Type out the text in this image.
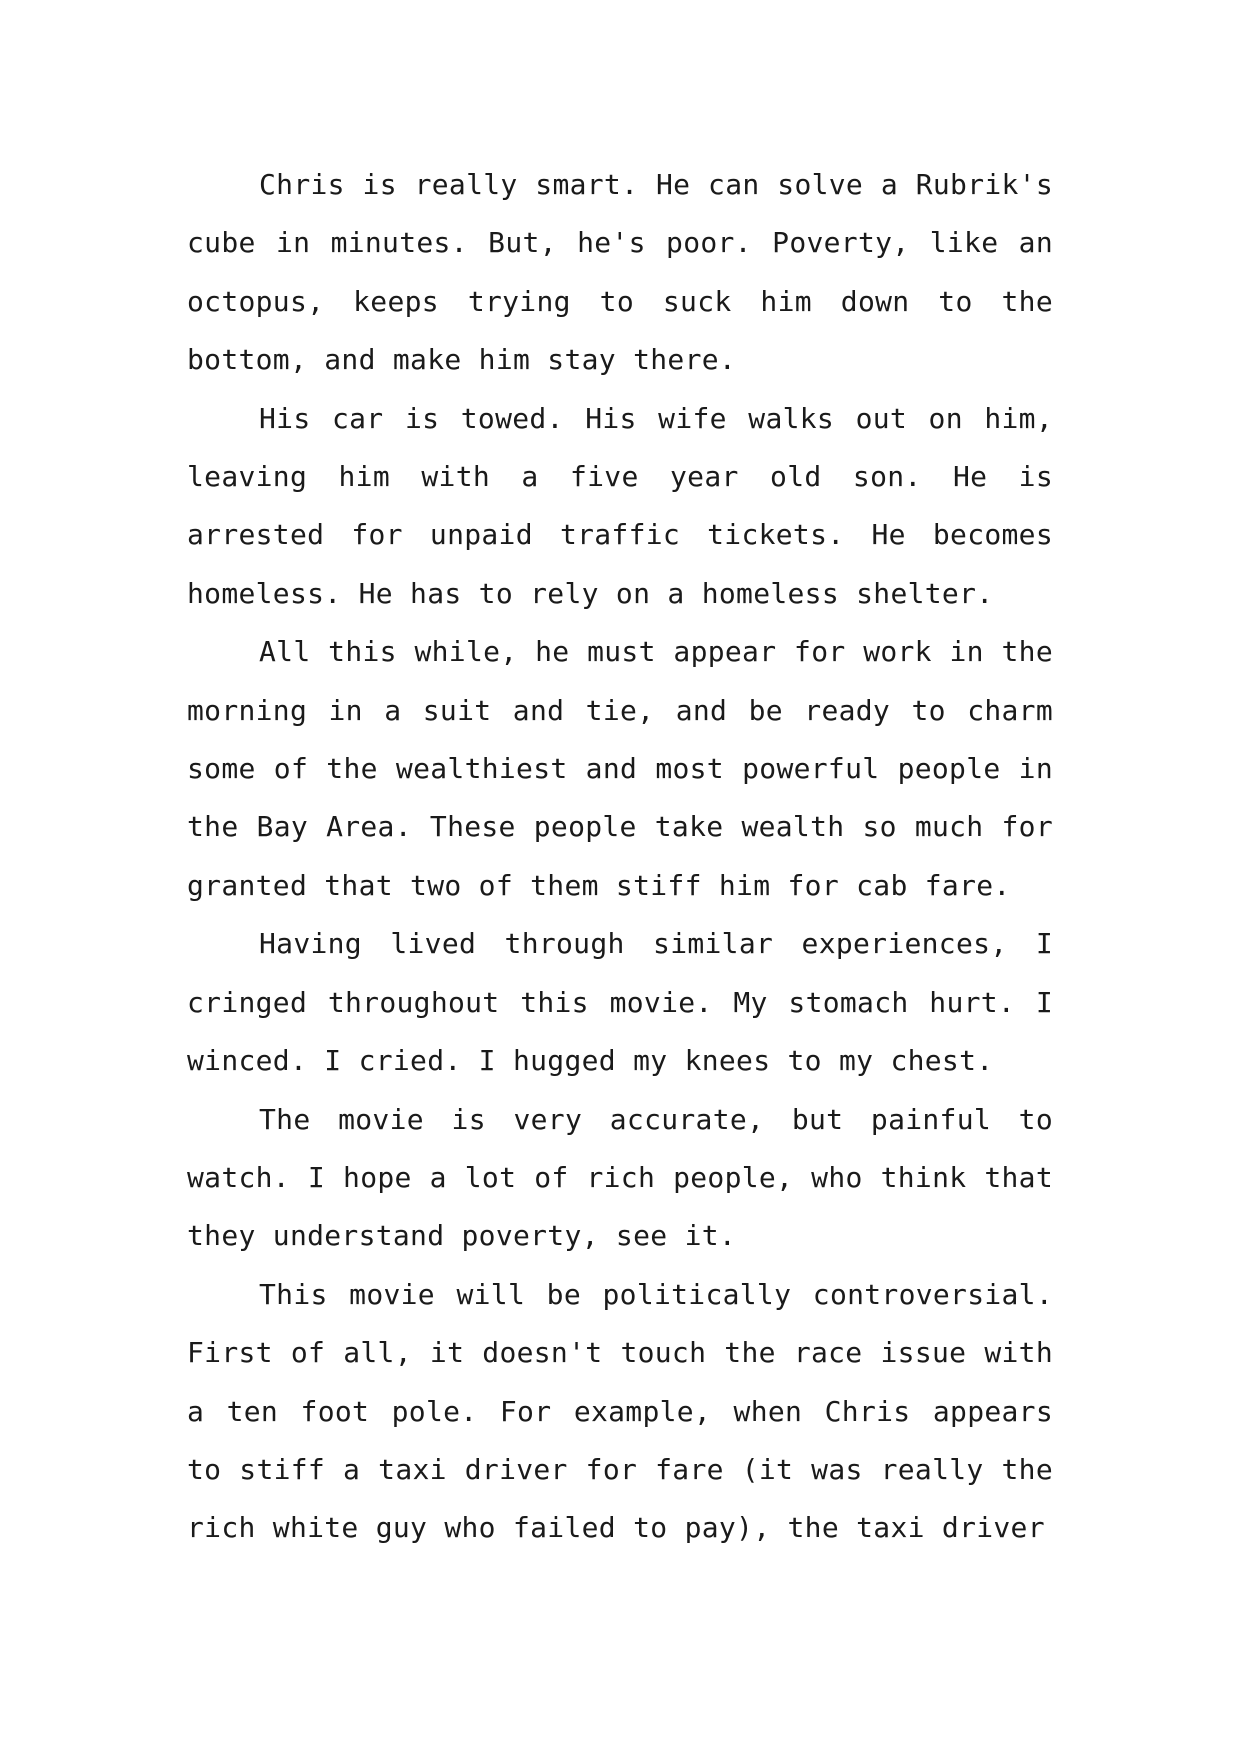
Chris is really smart. He can solve a Rubrik's cube in minutes. But, he's poor. Poverty, like an octopus, keeps trying to suck him down to the bottom, and make him stay there.

His car is towed. His wife walks out on him, leaving him with a five year old son. He is arrested for unpaid traffic tickets. He becomes homeless. He has to rely on a homeless shelter.

All this while, he must appear for work in the morning in a suit and tie, and be ready to charm some of the wealthiest and most powerful people in the Bay Area. These people take wealth so much for granted that two of them stiff him for cab fare.

Having lived through similar experiences, I cringed throughout this movie. My stomach hurt. I winced. I cried. I hugged my knees to my chest.

The movie is very accurate, but painful to watch. I hope a lot of rich people, who think that they understand poverty, see it.

This movie will be politically controversial. First of all, it doesn't touch the race issue with a ten foot pole. For example, when Chris appears to stiff a taxi driver for fare (it was really the rich white guy who failed to pay), the taxi driver
